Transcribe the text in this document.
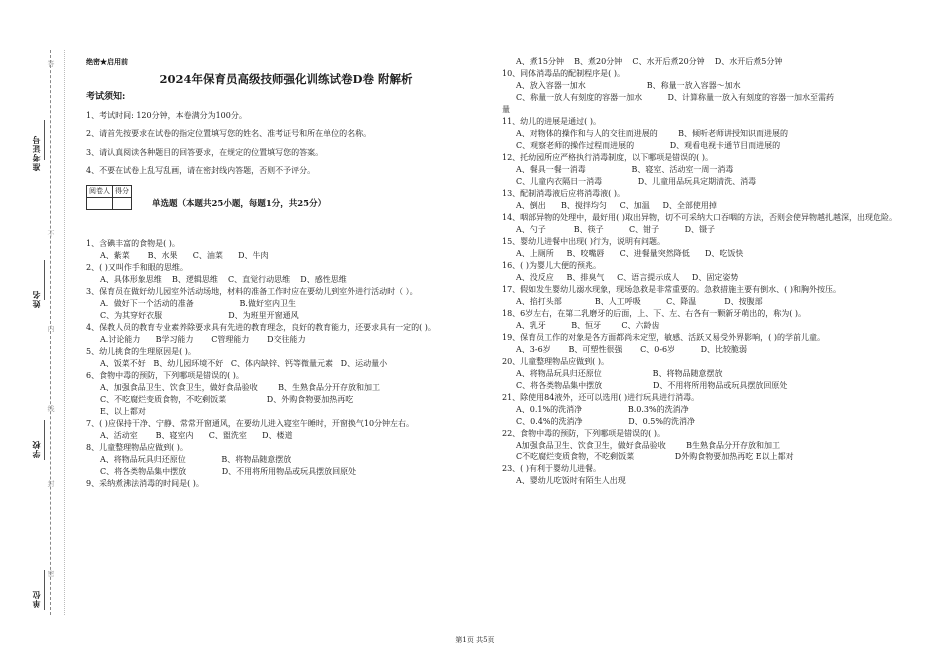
准考证号
姓名
学校
单位
答
不
内
线
封
密
绝密★启用前
2024年保育员高级技师强化训练试卷D卷 附解析
考试须知:
1、考试时间: 120分钟，本卷满分为100分。
2、请首先按要求在试卷的指定位置填写您的姓名、准考证号和所在单位的名称。
3、请认真阅读各种题目的回答要求，在规定的位置填写您的答案。
4、不要在试卷上乱写乱画，请在密封线内答题，否则不予评分。
阅卷人	得分

单选题（本题共25小题，每题1分，共25分）
1、含碘丰富的食物是( )。
A、紫菜       B、水果      C、油菜      D、牛肉
2、( )又叫作手和眼的思维。
A、具体形象思维    B、逻辑思维    C、直觉行动思维    D、感性思维
3、保育员在做好幼儿园室外活动场地，材料的准备工作时应在要幼儿到室外进行活动时（ ）。
A．做好下一个活动的准备                  B.做好室内卫生
C、为其穿好衣服                          D、为班里开窗通风
4、保教人员的教育专业素养除要求具有先进的教育理念，良好的教育能力，还要求具有一定的( )。
A.讨论能力      B学习能力       C管理能力       D交往能力
5、幼儿挑食的生理原因是( )。
A、饭菜不好   B、幼儿园环境不好   C、体内缺锌、钙等微量元素   D、运动量小
6、食物中毒的预防，下列哪项是错误的( )。
A、加强食品卫生、饮食卫生，做好食品验收        B、生熟食品分开存放和加工
C、不吃腐烂变质食物，不吃剩饭菜                D、外购食物要加热再吃
E、以上都对
7、( )应保持干净、宁静、常常开窗通风，在要幼儿进入寝室午睡时，开窗换气10分钟左右。
A、活动室       B、寝室内      C、盥洗室      D、楼道
8、儿童整理物品应做到( )。
A、将物品玩具归还原位              B、将物品随意摆放
C、将各类物品集中摆放              D、不用将所用物品或玩具摆放回原处
9、采纳煮沸法消毒的时间是( )。
A、煮15分钟    B、煮20分钟    C、水开后煮20分钟    D、水开后煮5分钟
10、同体消毒品的配制程序是( )。
A、放入容器一加水                        B、称量一放入容器～加水
C、称量一放人有刻度的容器一加水          D、计算称量一放入有刻度的容器一加水至需药
量
11、幼儿的进展是通过( )。
A、对物体的操作和与人的交往而进展的        B、倾听老师讲授知识而进展的
C、观察老师的操作过程而进展的              D、观看电视卡通节目而进展的
12、托幼园所应严格执行消毒制度，以下哪项是错误的( )。
A、餐具一餐一消毒                  B、寝室、活动室一周一消毒
C、儿童内衣隔日一消毒              D、儿童用品玩具定期清洗、消毒
13、配制消毒液后应将消毒液( )。
A、倒出      B、搅拌均匀     C、加温     D、全部使用掉
14、咽部异物的处理中，最好用( )取出异物，切不可采纳大口吞咽的方法，否则会使异物越扎越深，出现危险。
A、勺子           B、筷子          C、钳子          D、镊子
15、婴幼儿进餐中出现( )行为，说明有问题。
A、上厕所     B、咬嘴唇      C、进餐量突然降低      D、吃饭快
16、( )为婴儿大便的预兆。
A、没反应     B、排臭气     C、语言提示成人     D、固定姿势
17、假如发生婴幼儿溺水现象，现场急救是非常重要的。急救措施主要有倒水、( )和胸外按压。
A、掐打头部             B、人工呼吸          C、降温           D、按腹部
18、6岁左右，在第二乳磨牙的后面，上、下、左、右各有一颗新牙萌出的，称为( )。
A、乳牙          B、恒牙        C、六龄齿
19、保育员工作的对象是各方面都尚未定型，敏感、活跃又易受外界影响，( )的学前儿童。
A、3-6岁       B、可塑性很强       C、0-6岁          D、比较脆弱
20、儿童整理物品应做到( )。
A、将物品玩具归还原位                    B、将物品随意摆放
C、将各类物品集中摆放                    D、不用将所用物品或玩具摆放回原处
21、除使用84液外，还可以选用( )进行玩具进行消毒。
A、0.1%的洗消净                  B.0.3%的洗消净
C、0.4%的洗消净                  D、0.5%的洗消净
22、食物中毒的预防，下列哪项是错误的( )。
A加强食品卫生、饮食卫生，做好食品验收        B生熟食品分开存放和加工
C不吃腐烂变质食物，不吃剩饭菜                D外购食物要加热再吃 E以上都对
23、( )有利于婴幼儿进餐。
A、婴幼儿吃饭时有陌生人出现
第1页 共5页
